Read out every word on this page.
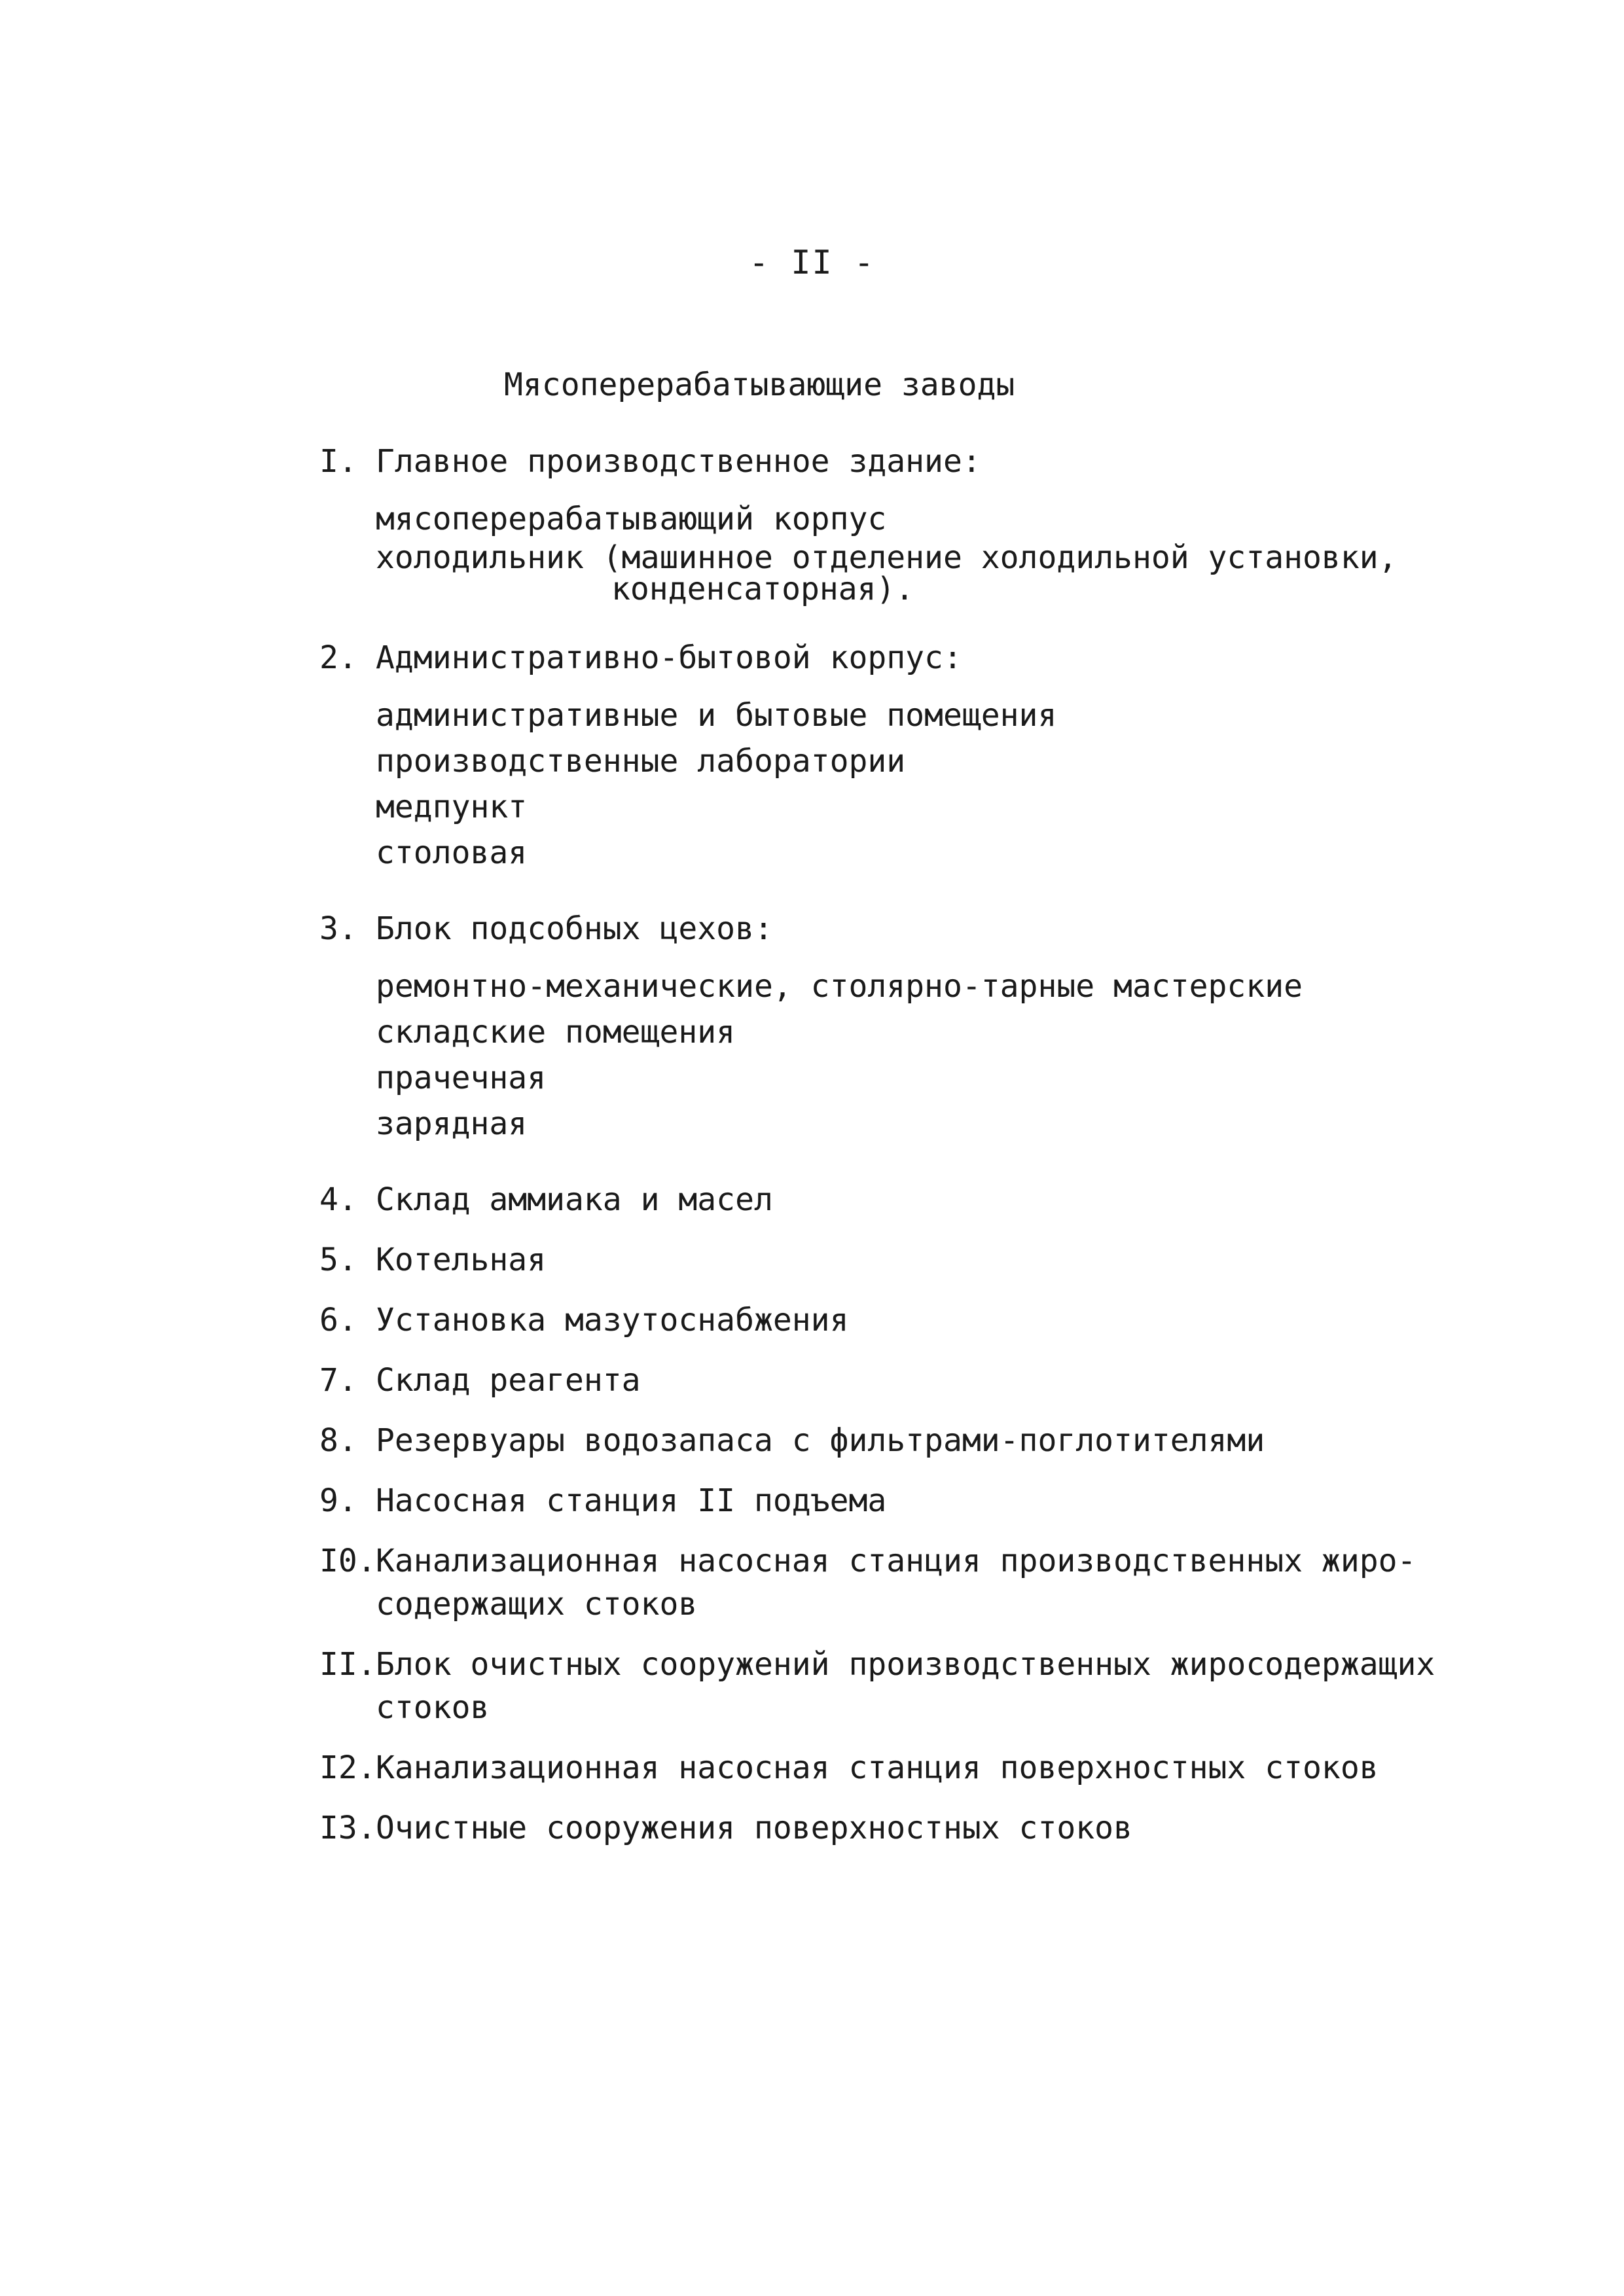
- II -
Мясоперерабатывающие заводы
I. Главное производственное здание:
мясоперерабатывающий корпус
холодильник (машинное отделение холодильной установки,
конденсаторная).
2. Административно-бытовой корпус:
административные и бытовые помещения
производственные лаборатории
медпункт
столовая
3. Блок подсобных цехов:
ремонтно-механические, столярно-тарные мастерские
складские помещения
прачечная
зарядная
4. Склад аммиака и масел
5. Котельная
6. Установка мазутоснабжения
7. Склад реагента
8. Резервуары водозапаса с фильтрами-поглотителями
9. Насосная станция II подъема
I0. Канализационная насосная станция производственных жиро-
содержащих стоков
II. Блок очистных сооружений производственных жиросодержащих
стоков
I2. Канализационная насосная станция поверхностных стоков
I3. Очистные сооружения поверхностных стоков
